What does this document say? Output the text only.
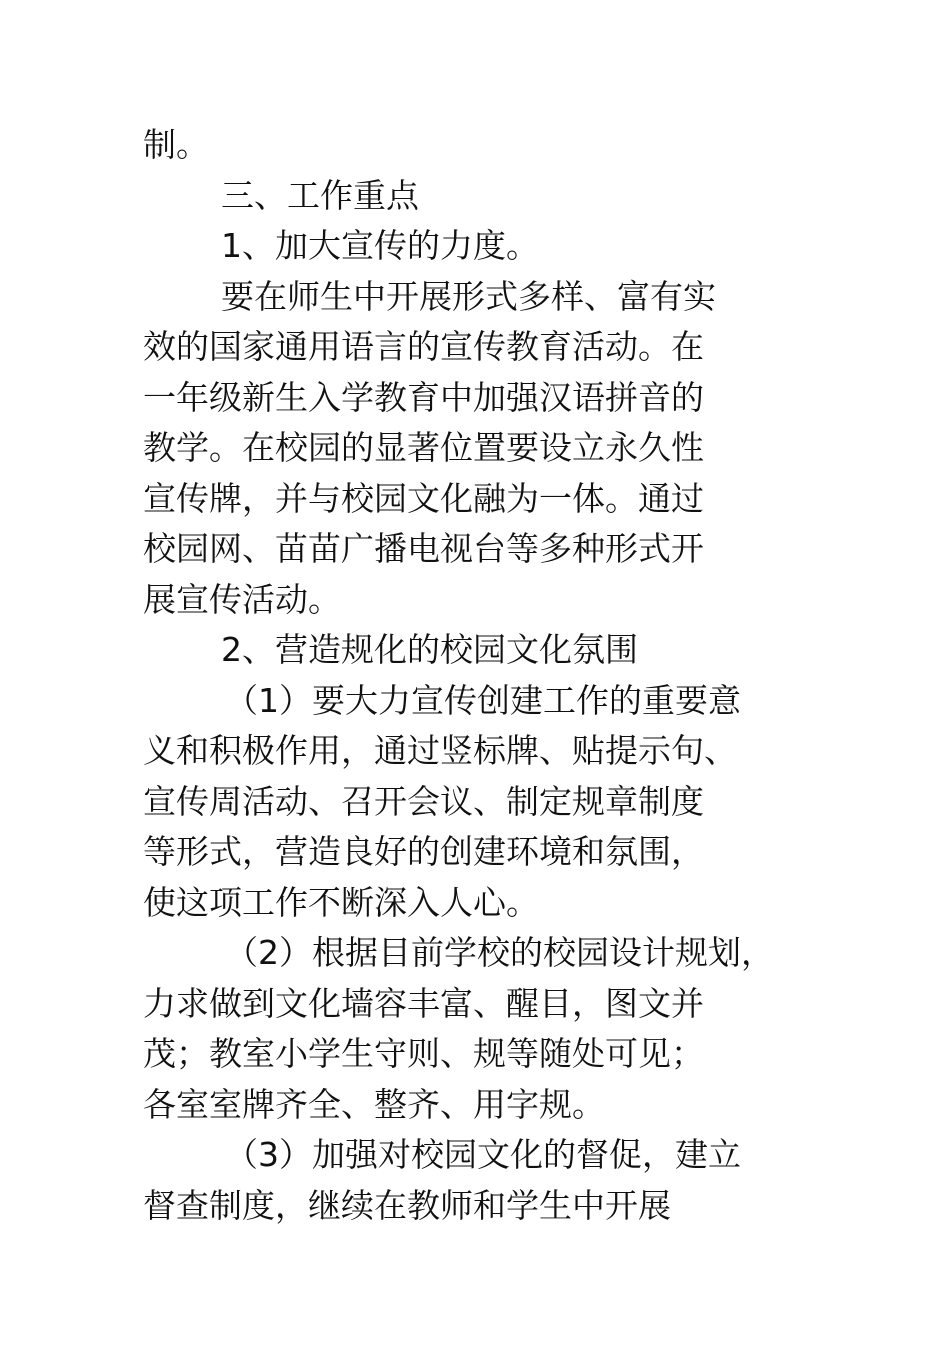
制。
三、工作重点
1、加大宣传的力度。
要在师生中开展形式多样、富有实
效的国家通用语言的宣传教育活动。在
一年级新生入学教育中加强汉语拼音的
教学。在校园的显著位置要设立永久性
宣传牌，并与校园文化融为一体。通过
校园网、苗苗广播电视台等多种形式开
展宣传活动。
2、营造规化的校园文化氛围
（1）要大力宣传创建工作的重要意
义和积极作用，通过竖标牌、贴提示句、
宣传周活动、召开会议、制定规章制度
等形式，营造良好的创建环境和氛围，
使这项工作不断深入人心。
（2）根据目前学校的校园设计规划，
力求做到文化墙容丰富、醒目，图文并
茂；教室小学生守则、规等随处可见；
各室室牌齐全、整齐、用字规。
（3）加强对校园文化的督促，建立
督查制度，继续在教师和学生中开展
